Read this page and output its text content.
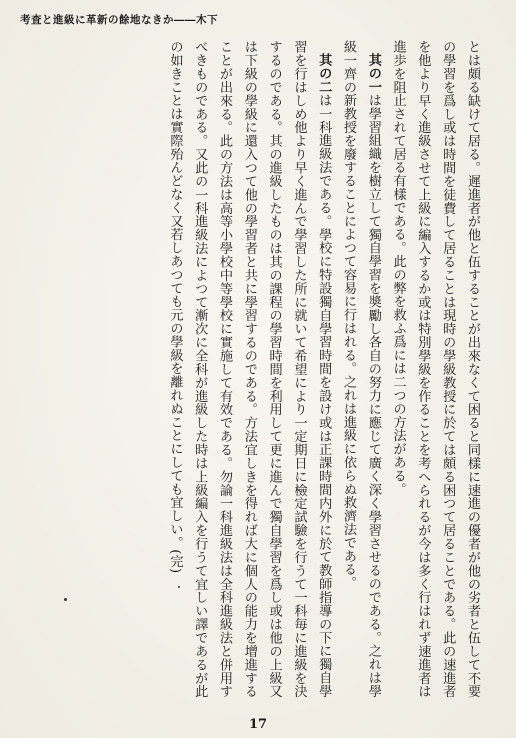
考査と進級に革新の餘地なきか――木下

とは頗る缺けて居る。遲進者が他と伍することが出來なくて困ると同樣に速進の優者が他の劣者と伍して不要の學習を爲し或は時間を徒費して居ることは現時の學級教授に於ては頗る困つて居ることである。此の速進者を他より早く進級させて上級に編入するか或は特別學級を作ることを考へられるが今は多く行はれず速進者は進歩を阻止されて居る有樣である。此の弊を救ふ爲には二つの方法がある。

其の一は學習組織を樹立して獨自學習を奬勵し各自の努力に應じて廣く深く學習させるのである。之れは學級一齊の新教授を廢することによつて容易に行はれる。之れは進級に依らぬ救濟法である。

其の二は一科進級法である。學校に特設獨自學習時間を設け或は正課時間内外に於て教師指導の下に獨自學習を行はしめ他より早く進んで學習した所に就いて希望により一定期日に檢定試驗を行うて一科毎に進級を決するのである。其の進級したものは其の課程の學習時間を利用して更に進んで獨自學習を爲し或は他の上級又は下級の學級に還入つて他の學習者と共に學習するのである。方法宜しきを得れば大に個人の能力を增進することが出來る。此の方法は高等小學校中等學校に實施して有效である。勿論一科進級法は全科進級法と併用すべきものである。又此の一科進級法によつて漸次に全科が進級した時は上級編入を行うて宜しい譯であるが此の如きことは實際殆んどなく又若しあつても元の學級を離れぬことにしても宜しい。(完)

17
